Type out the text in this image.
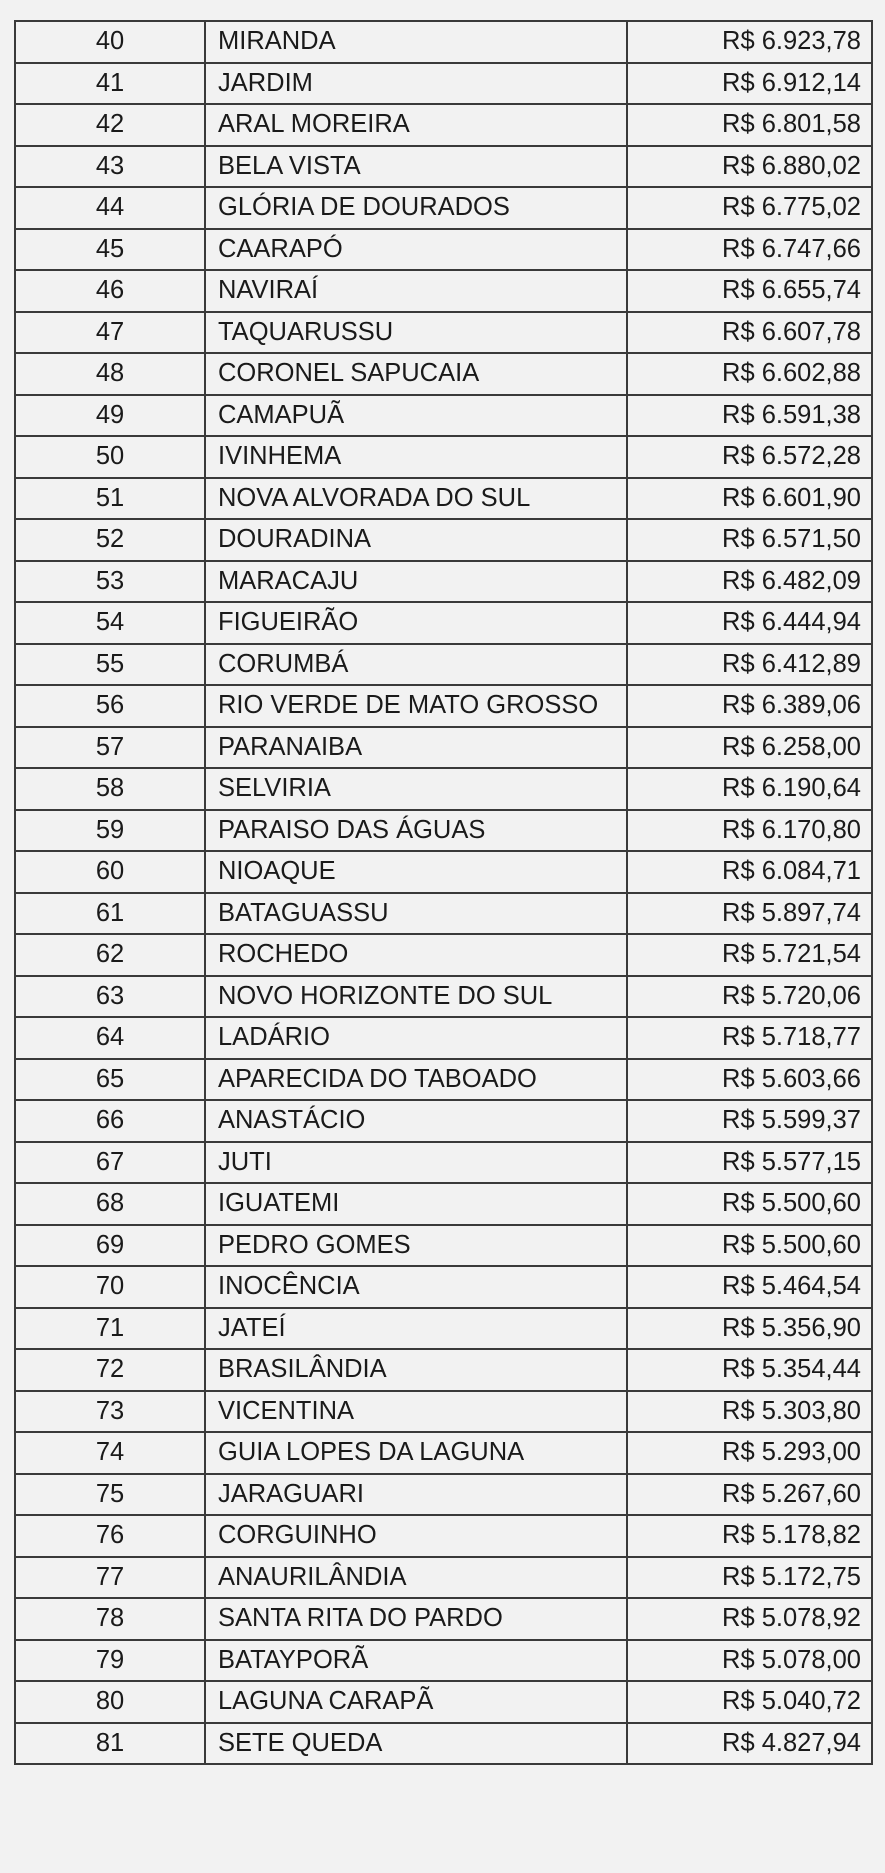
40	MIRANDA	R$ 6.923,78
41	JARDIM	R$ 6.912,14
42	ARAL MOREIRA	R$ 6.801,58
43	BELA VISTA	R$ 6.880,02
44	GLÓRIA DE DOURADOS	R$ 6.775,02
45	CAARAPÓ	R$ 6.747,66
46	NAVIRAÍ	R$ 6.655,74
47	TAQUARUSSU	R$ 6.607,78
48	CORONEL SAPUCAIA	R$ 6.602,88
49	CAMAPUÃ	R$ 6.591,38
50	IVINHEMA	R$ 6.572,28
51	NOVA ALVORADA DO SUL	R$ 6.601,90
52	DOURADINA	R$ 6.571,50
53	MARACAJU	R$ 6.482,09
54	FIGUEIRÃO	R$ 6.444,94
55	CORUMBÁ	R$ 6.412,89
56	RIO VERDE DE MATO GROSSO	R$ 6.389,06
57	PARANAIBA	R$ 6.258,00
58	SELVIRIA	R$ 6.190,64
59	PARAISO DAS ÁGUAS	R$ 6.170,80
60	NIOAQUE	R$ 6.084,71
61	BATAGUASSU	R$ 5.897,74
62	ROCHEDO	R$ 5.721,54
63	NOVO HORIZONTE DO SUL	R$ 5.720,06
64	LADÁRIO	R$ 5.718,77
65	APARECIDA DO TABOADO	R$ 5.603,66
66	ANASTÁCIO	R$ 5.599,37
67	JUTI	R$ 5.577,15
68	IGUATEMI	R$ 5.500,60
69	PEDRO GOMES	R$ 5.500,60
70	INOCÊNCIA	R$ 5.464,54
71	JATEÍ	R$ 5.356,90
72	BRASILÂNDIA	R$ 5.354,44
73	VICENTINA	R$ 5.303,80
74	GUIA LOPES DA LAGUNA	R$ 5.293,00
75	JARAGUARI	R$ 5.267,60
76	CORGUINHO	R$ 5.178,82
77	ANAURILÂNDIA	R$ 5.172,75
78	SANTA RITA DO PARDO	R$ 5.078,92
79	BATAYPORÃ	R$ 5.078,00
80	LAGUNA CARAPÃ	R$ 5.040,72
81	SETE QUEDA	R$ 4.827,94
